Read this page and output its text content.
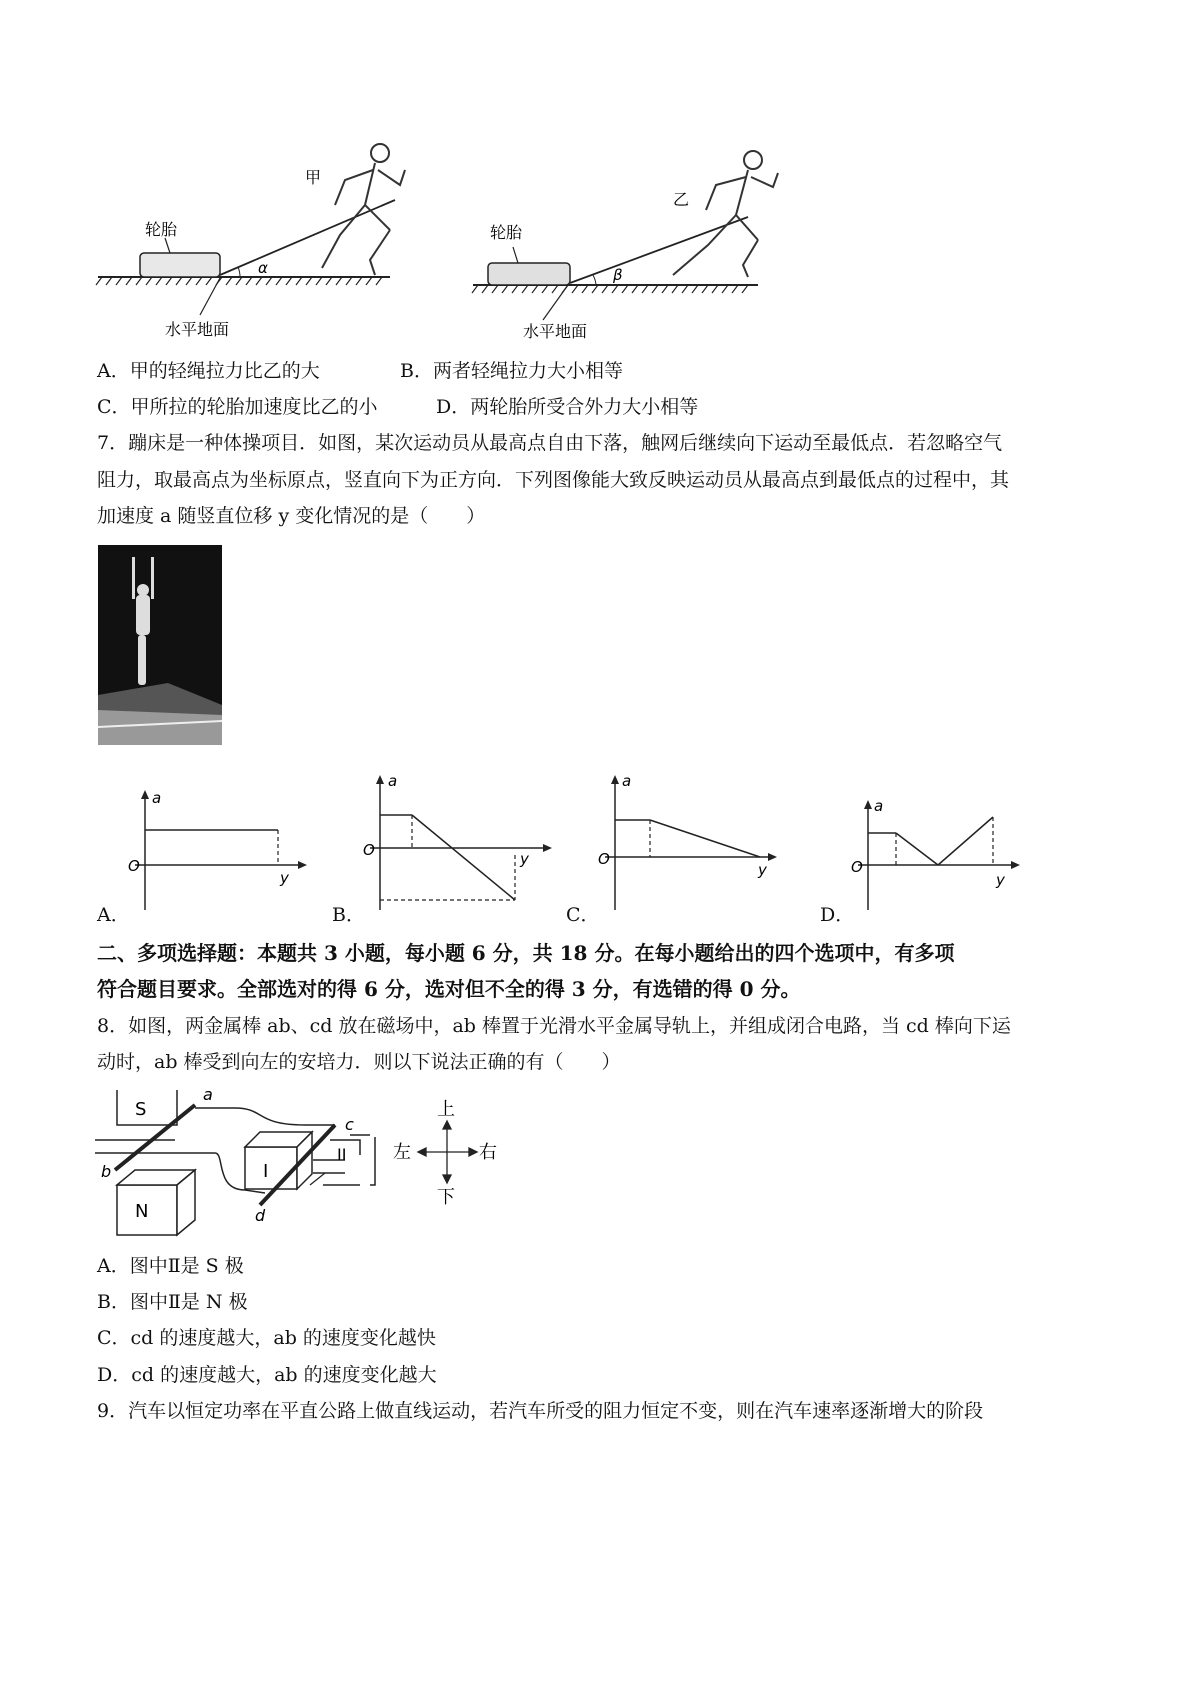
轮胎
甲
α
水平地面
轮胎
乙
β
水平地面
A．甲的轻绳拉力比乙的大	B．两者轻绳拉力大小相等
C．甲所拉的轮胎加速度比乙的小	D．两轮胎所受合外力大小相等
7．蹦床是一种体操项目．如图，某次运动员从最高点自由下落，触网后继续向下运动至最低点．若忽略空气
阻力，取最高点为坐标原点，竖直向下为正方向．下列图像能大致反映运动员从最高点到最低点的过程中，其
加速度 a 随竖直位移 y 变化情况的是（　　）
a
O
y
A．
a
O	y
B．
a
O
y
C．
a
O
y
D．
二、多项选择题：本题共 3 小题，每小题 6 分，共 18 分。在每小题给出的四个选项中，有多项
符合题目要求。全部选对的得 6 分，选对但不全的得 3 分，有选错的得 0 分。
8．如图，两金属棒 ab、cd 放在磁场中，ab 棒置于光滑水平金属导轨上，并组成闭合电路，当 cd 棒向下运
动时，ab 棒受到向左的安培力．则以下说法正确的有（　　）
S
N
I
II
a
b
c
d
上
下
左	右
A．图中Ⅱ是 S 极
B．图中Ⅱ是 N 极
C．cd 的速度越大，ab 的速度变化越快
D．cd 的速度越大，ab 的速度变化越大
9．汽车以恒定功率在平直公路上做直线运动，若汽车所受的阻力恒定不变，则在汽车速率逐渐增大的阶段
